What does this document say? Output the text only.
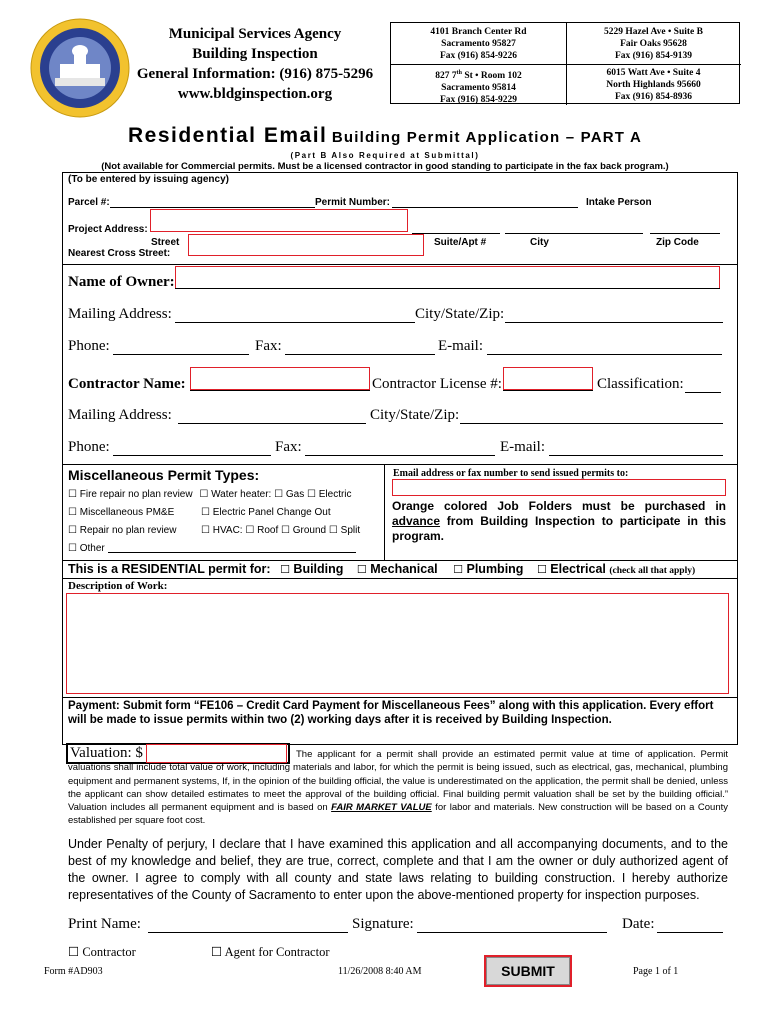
Municipal Services Agency
Building Inspection
General Information: (916) 875-5296
www.bldginspection.org
4101 Branch Center Rd
Sacramento 95827
Fax (916) 854-9226
5229 Hazel Ave • Suite B
Fair Oaks 95628
Fax (916) 854-9139
827 7th St • Room 102
Sacramento 95814
Fax (916) 854-9229
6015 Watt Ave • Suite 4
North Highlands 95660
Fax (916) 854-8936
Residential Email Building Permit Application – PART A
(Part B Also Required at Submittal)
(Not available for Commercial permits. Must be a licensed contractor in good standing to participate in the fax back program.)
(To be entered by issuing agency)
Parcel #:	Permit Number:	Intake Person
Project Address:
Street	Suite/Apt #	City	Zip Code
Nearest Cross Street:
Name of Owner:
Mailing Address:	City/State/Zip:
Phone:	Fax:	E-mail:
Contractor Name:	Contractor License #:	Classification:
Mailing Address:	City/State/Zip:
Phone:	Fax:	E-mail:
Miscellaneous Permit Types:
☐ Fire repair no plan review ☐ Water heater: ☐ Gas ☐ Electric
☐ Miscellaneous PM&E	☐ Electric Panel Change Out
☐ Repair no plan review ☐ HVAC: ☐ Roof ☐ Ground ☐ Split
☐ Other
Email address or fax number to send issued permits to:
Orange colored Job Folders must be purchased in advance from Building Inspection to participate in this program.
This is a RESIDENTIAL permit for: ☐ Building ☐ Mechanical ☐ Plumbing ☐ Electrical (check all that apply)
Description of Work:
Payment: Submit form “FE106 – Credit Card Payment for Miscellaneous Fees” along with this application. Every effort will be made to issue permits within two (2) working days after it is received by Building Inspection.
Valuation: $	The applicant for a permit shall provide an estimated permit value at time of application. Permit valuations shall include total value of work, including materials and labor, for which the permit is being issued, such as electrical, gas, mechanical, plumbing equipment and permanent systems, If, in the opinion of the building official, the value is underestimated on the application, the permit shall be denied, unless the applicant can show detailed estimates to meet the approval of the building official. Final building permit valuation shall be set by the building official.” Valuation includes all permanent equipment and is based on FAIR MARKET VALUE for labor and materials. New construction will be based on a County established per square foot cost.
Under Penalty of perjury, I declare that I have examined this application and all accompanying documents, and to the best of my knowledge and belief, they are true, correct, complete and that I am the owner or duly authorized agent of the owner. I agree to comply with all county and state laws relating to building construction. I hereby authorize representatives of the County of Sacramento to enter upon the above-mentioned property for inspection purposes.
Print Name:	Signature:	Date:
☐ Contractor	☐ Agent for Contractor
Form #AD903	11/26/2008 8:40 AM	SUBMIT	Page 1 of 1
